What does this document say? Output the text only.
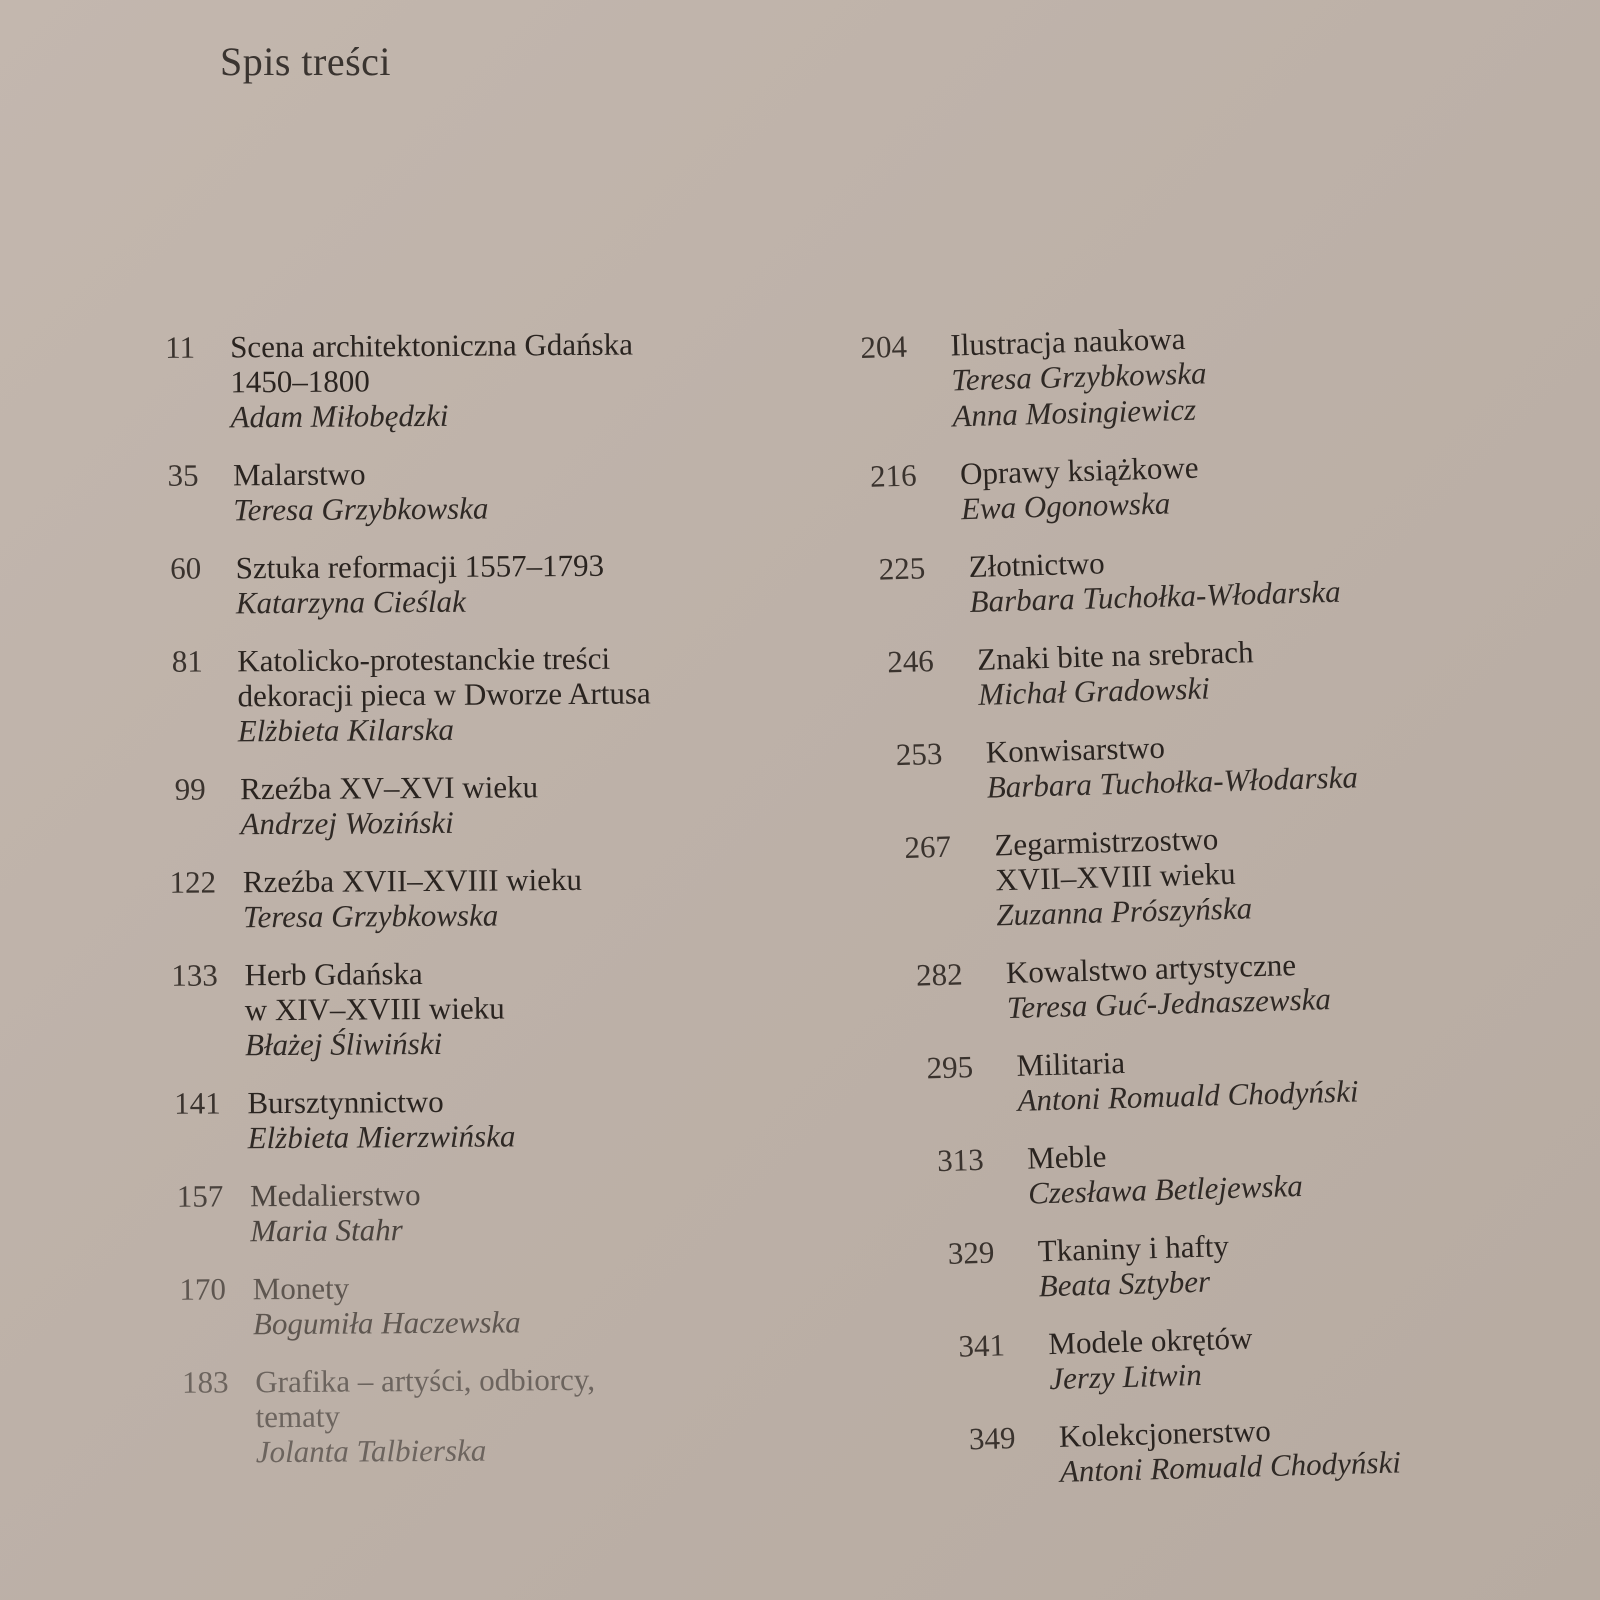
Spis treści
11	Scena architektoniczna Gdańska
1450–1800
Adam Miłobędzki
35	Malarstwo
Teresa Grzybkowska
60	Sztuka reformacji 1557–1793
Katarzyna Cieślak
81	Katolicko-protestanckie treści
dekoracji pieca w Dworze Artusa
Elżbieta Kilarska
99	Rzeźba XV–XVI wieku
Andrzej Woziński
122 Rzeźba XVII–XVIII wieku
Teresa Grzybkowska
133 Herb Gdańska
w XIV–XVIII wieku
Błażej Śliwiński
141 Bursztynnictwo
Elżbieta Mierzwińska
157 Medalierstwo
Maria Stahr
170 Monety
Bogumiła Haczewska
183 Grafika – artyści, odbiorcy,
tematy
Jolanta Talbierska
204	Ilustracja naukowa
Teresa Grzybkowska
Anna Mosingiewicz
216	Oprawy książkowe
Ewa Ogonowska
225	Złotnictwo
Barbara Tuchołka-Włodarska
246	Znaki bite na srebrach
Michał Gradowski
253	Konwisarstwo
Barbara Tuchołka-Włodarska
267	Zegarmistrzostwo
XVII–XVIII wieku
Zuzanna Prószyńska
282	Kowalstwo artystyczne
Teresa Guć-Jednaszewska
295	Militaria
Antoni Romuald Chodyński
313	Meble
Czesława Betlejewska
329	Tkaniny i hafty
Beata Sztyber
341	Modele okrętów
Jerzy Litwin
349	Kolekcjonerstwo
Antoni Romuald Chodyński
